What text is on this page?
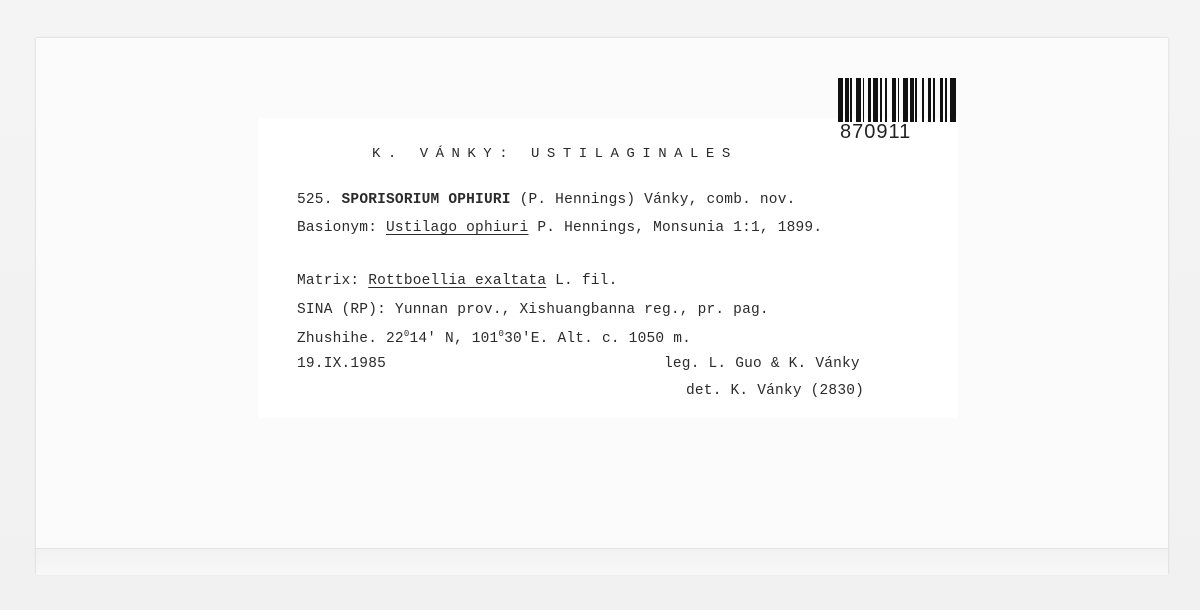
870911
K. VÁNKY: USTILAGINALES
525. SPORISORIUM OPHIURI (P. Hennings) Vánky, comb. nov.
Basionym: Ustilago ophiuri P. Hennings, Monsunia 1:1, 1899.
Matrix: Rottboellia exaltata L. fil.
SINA (RP): Yunnan prov., Xishuangbanna reg., pr. pag.
Zhushihe. $22^014'$ N, $101^030'E$. Alt. c. 1050 m.
19.IX.1985	leg. L. Guo & K. Vánky
det. K. Vánky (2830)
